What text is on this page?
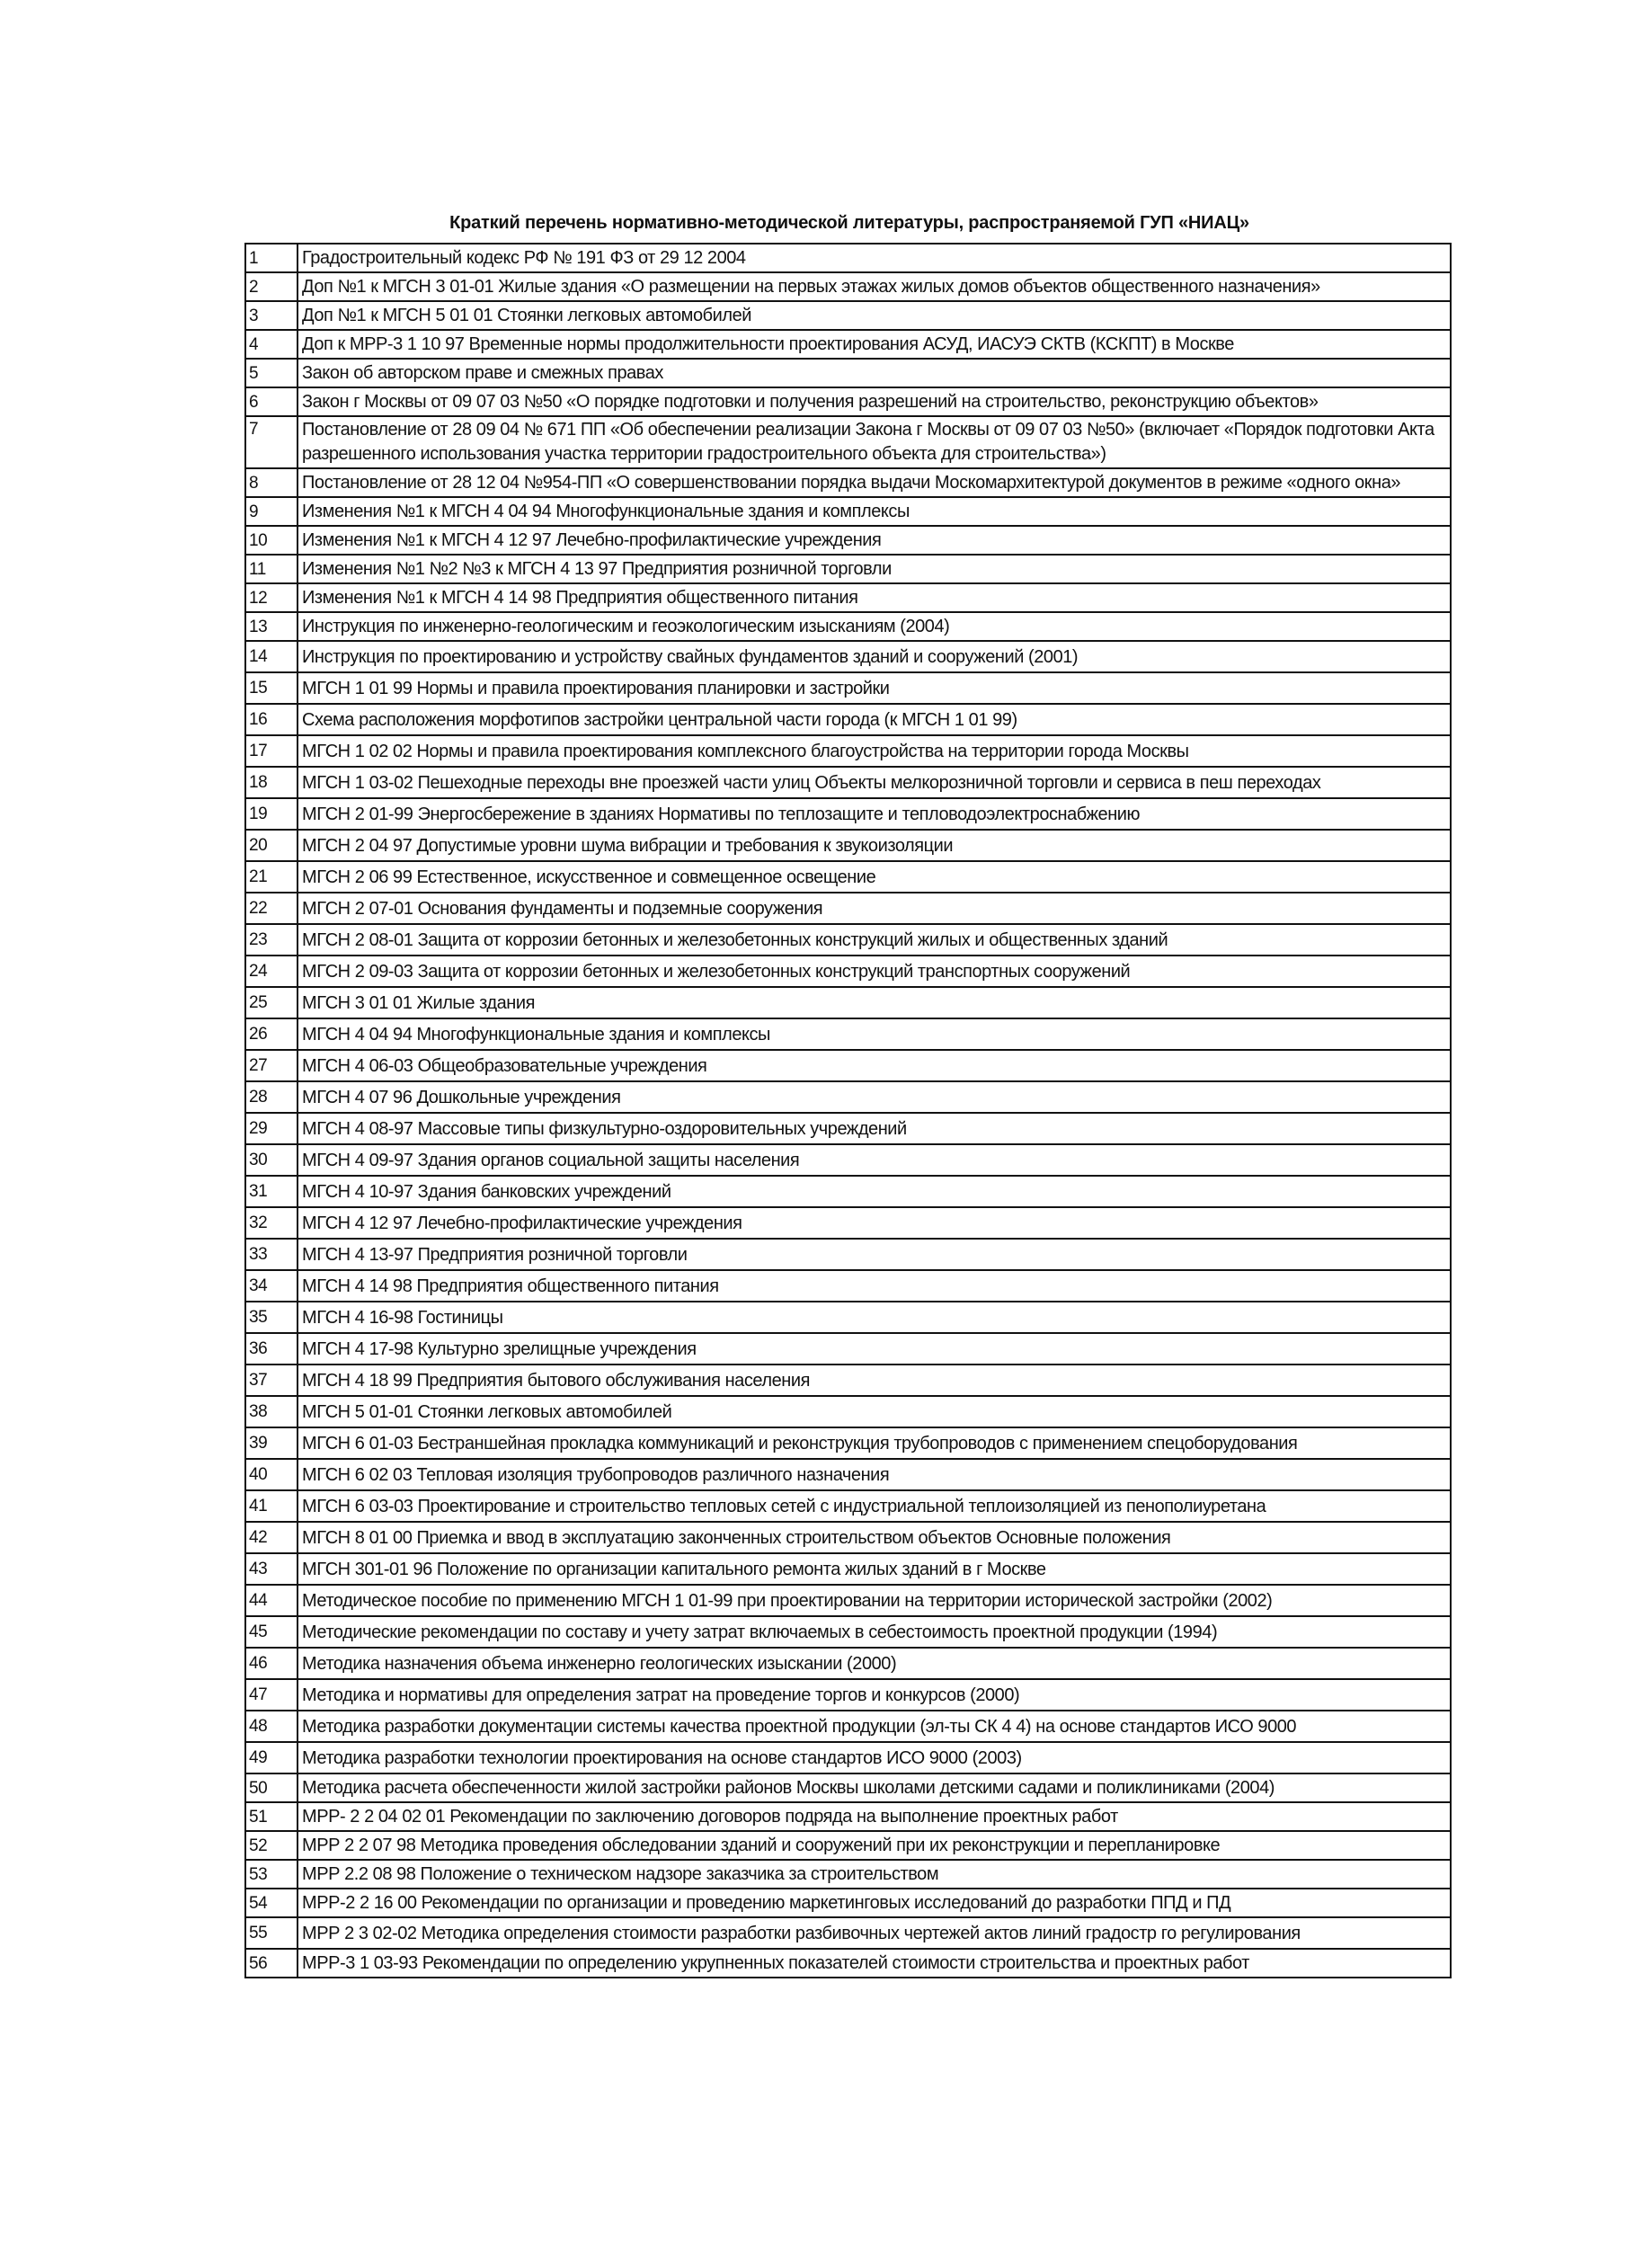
Краткий перечень нормативно-методической литературы, распространяемой ГУП «НИАЦ»
1	Градостроительный кодекс РФ № 191 ФЗ от 29 12 2004
2	Доп №1 к МГСН 3 01-01 Жилые здания «О размещении на первых этажах жилых домов объектов общественного назначения»
3	Доп №1 к МГСН 5 01 01 Стоянки легковых автомобилей
4	Доп к МРР-3 1 10 97 Временные нормы продолжительности проектирования АСУД, ИАСУЭ СКТВ (КСКПТ) в Москве
5	Закон об авторском праве и смежных правах
6	Закон г Москвы от 09 07 03 №50 «О порядке подготовки и получения разрешений на строительство, реконструкцию объектов»
7	Постановление от 28 09 04 № 671 ПП «Об обеспечении реализации Закона г Москвы от 09 07 03 №50» (включает «Порядок подготовки Акта разрешенного использования участка территории градостроительного объекта для строительства»)
8	Постановление от 28 12 04 №954-ПП «О совершенствовании порядка выдачи Москомархитектурой документов в режиме «одного окна»
9	Изменения №1 к МГСН 4 04 94 Многофункциональные здания и комплексы
10	Изменения №1 к МГСН 4 12 97 Лечебно-профилактические учреждения
11	Изменения №1 №2 №3 к МГСН 4 13 97 Предприятия розничной торговли
12	Изменения №1 к МГСН 4 14 98 Предприятия общественного питания
13	Инструкция по инженерно-геологическим и геоэкологическим изысканиям (2004)
14	Инструкция по проектированию и устройству свайных фундаментов зданий и сооружений (2001)
15	МГСН 1 01 99 Нормы и правила проектирования планировки и застройки
16	Схема расположения морфотипов застройки центральной части города (к МГСН 1 01 99)
17	МГСН 1 02 02 Нормы и правила проектирования комплексного благоустройства на территории города Москвы
18	МГСН 1 03-02 Пешеходные переходы вне проезжей части улиц Объекты мелкорозничной торговли и сервиса в пеш переходах
19	МГСН 2 01-99 Энергосбережение в зданиях Нормативы по теплозащите и тепловодоэлектроснабжению
20	МГСН 2 04 97 Допустимые уровни шума вибрации и требования к звукоизоляции
21	МГСН 2 06 99 Естественное, искусственное и совмещенное освещение
22	МГСН 2 07-01 Основания фундаменты и подземные сооружения
23	МГСН 2 08-01 Защита от коррозии бетонных и железобетонных конструкций жилых и общественных зданий
24	МГСН 2 09-03 Защита от коррозии бетонных и железобетонных конструкций транспортных сооружений
25	МГСН 3 01 01 Жилые здания
26	МГСН 4 04 94 Многофункциональные здания и комплексы
27	МГСН 4 06-03 Общеобразовательные учреждения
28	МГСН 4 07 96 Дошкольные учреждения
29	МГСН 4 08-97 Массовые типы физкультурно-оздоровительных учреждений
30	МГСН 4 09-97 Здания органов социальной защиты населения
31	МГСН 4 10-97 Здания банковских учреждений
32	МГСН 4 12 97 Лечебно-профилактические учреждения
33	МГСН 4 13-97 Предприятия розничной торговли
34	МГСН 4 14 98 Предприятия общественного питания
35	МГСН 4 16-98 Гостиницы
36	МГСН 4 17-98 Культурно зрелищные учреждения
37	МГСН 4 18 99 Предприятия бытового обслуживания населения
38	МГСН 5 01-01 Стоянки легковых автомобилей
39	МГСН 6 01-03 Бестраншейная прокладка коммуникаций и реконструкция трубопроводов с применением спецоборудования
40	МГСН 6 02 03 Тепловая изоляция трубопроводов различного назначения
41	МГСН 6 03-03 Проектирование и строительство тепловых сетей с индустриальной теплоизоляцией из пенополиуретана
42	МГСН 8 01 00 Приемка и ввод в эксплуатацию законченных строительством объектов Основные положения
43	МГСН 301-01 96 Положение по организации капитального ремонта жилых зданий в г Москве
44	Методическое пособие по применению МГСН 1 01-99 при проектировании на территории исторической застройки (2002)
45	Методические рекомендации по составу и учету затрат включаемых в себестоимость проектной продукции (1994)
46	Методика назначения объема инженерно геологических изыскании (2000)
47	Методика и нормативы для определения затрат на проведение торгов и конкурсов (2000)
48	Методика разработки документации системы качества проектной продукции (эл-ты СК 4 4) на основе стандартов ИСО 9000
49	Методика разработки технологии проектирования на основе стандартов ИСО 9000 (2003)
50	Методика расчета обеспеченности жилой застройки районов Москвы школами детскими садами и поликлиниками (2004)
51	МРР- 2 2 04 02 01 Рекомендации по заключению договоров подряда на выполнение проектных работ
52	МРР 2 2 07 98 Методика проведения обследовании зданий и сооружений при их реконструкции и перепланировке
53	МРР 2.2 08 98 Положение о техническом надзоре заказчика за строительством
54	МРР-2 2 16 00 Рекомендации по организации и проведению маркетинговых исследований до разработки ППД и ПД
55	МРР 2 3 02-02 Методика определения стоимости разработки разбивочных чертежей актов линий градостр го регулирования
56	МРР-3 1 03-93 Рекомендации по определению укрупненных показателей стоимости строительства и проектных работ
